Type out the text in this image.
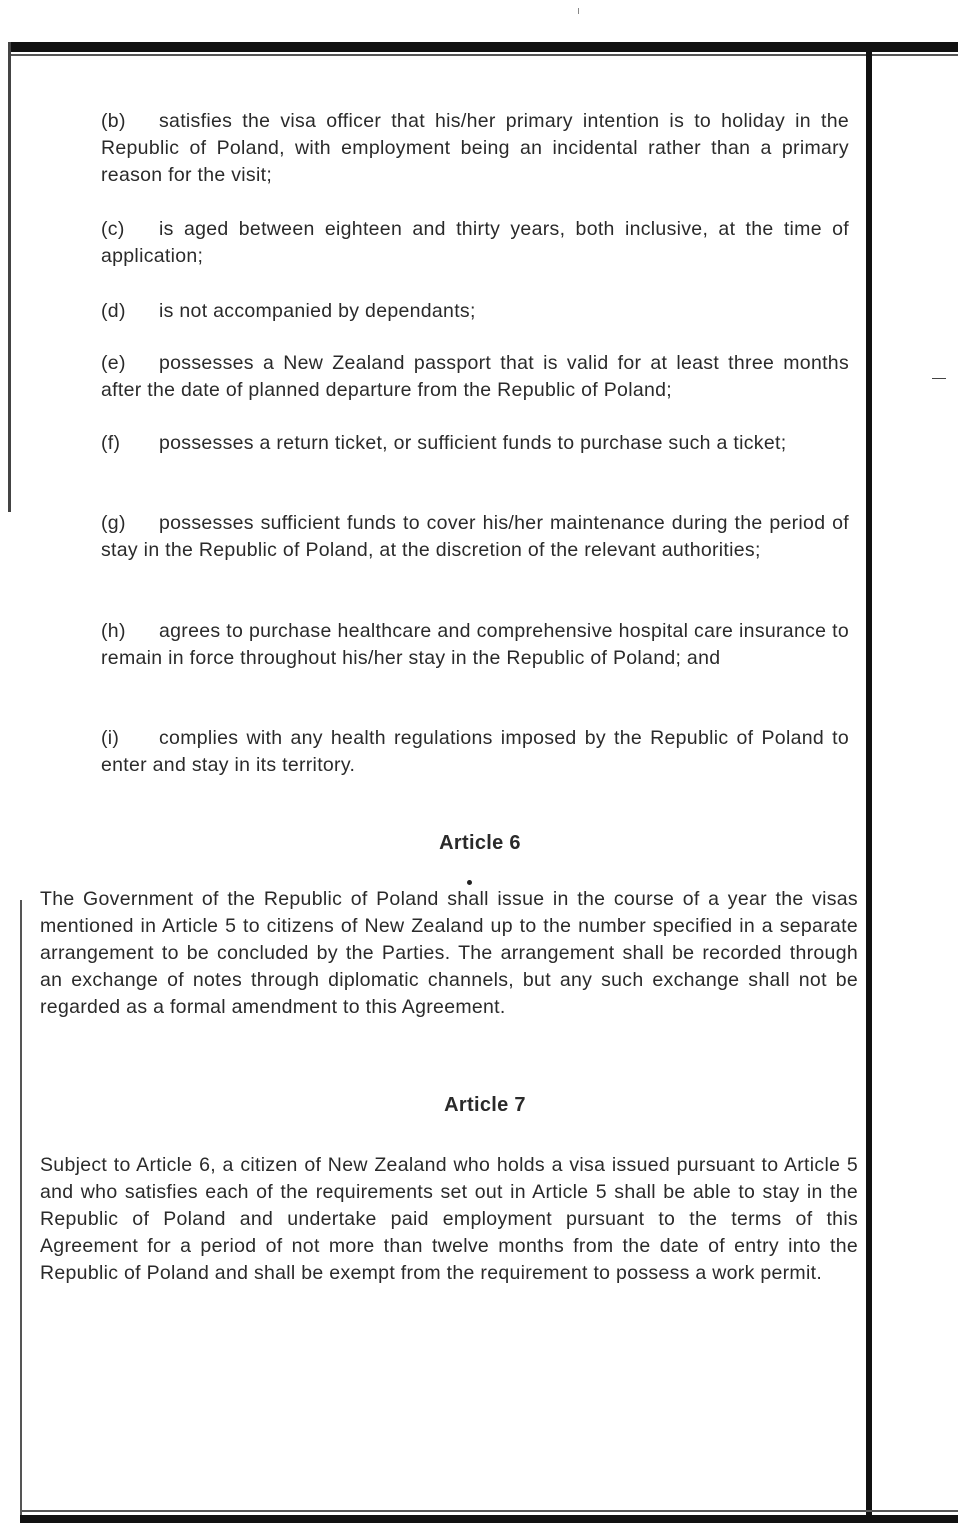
(b) satisfies the visa officer that his/her primary intention is to holiday in the Republic of Poland, with employment being an incidental rather than a primary reason for the visit;

(c) is aged between eighteen and thirty years, both inclusive, at the time of application;

(d) is not accompanied by dependants;

(e) possesses a New Zealand passport that is valid for at least three months after the date of planned departure from the Republic of Poland;

(f) possesses a return ticket, or sufficient funds to purchase such a ticket;

(g) possesses sufficient funds to cover his/her maintenance during the period of stay in the Republic of Poland, at the discretion of the relevant authorities;

(h) agrees to purchase healthcare and comprehensive hospital care insurance to remain in force throughout his/her stay in the Republic of Poland; and

(i) complies with any health regulations imposed by the Republic of Poland to enter and stay in its territory.

Article 6

The Government of the Republic of Poland shall issue in the course of a year the visas mentioned in Article 5 to citizens of New Zealand up to the number specified in a separate arrangement to be concluded by the Parties. The arrangement shall be recorded through an exchange of notes through diplomatic channels, but any such exchange shall not be regarded as a formal amendment to this Agreement.

Article 7

Subject to Article 6, a citizen of New Zealand who holds a visa issued pursuant to Article 5 and who satisfies each of the requirements set out in Article 5 shall be able to stay in the Republic of Poland and undertake paid employment pursuant to the terms of this Agreement for a period of not more than twelve months from the date of entry into the Republic of Poland and shall be exempt from the requirement to possess a work permit.
